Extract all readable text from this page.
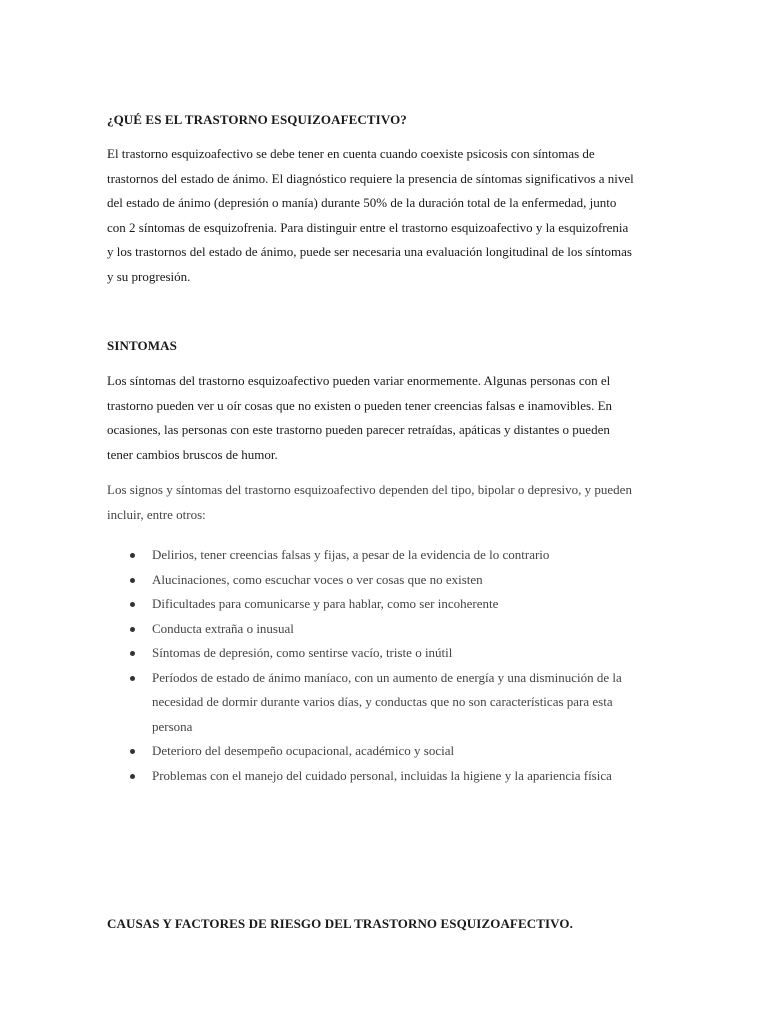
¿QUÉ ES EL TRASTORNO ESQUIZOAFECTIVO?

El trastorno esquizoafectivo se debe tener en cuenta cuando coexiste psicosis con síntomas de trastornos del estado de ánimo. El diagnóstico requiere la presencia de síntomas significativos a nivel del estado de ánimo (depresión o manía) durante 50% de la duración total de la enfermedad, junto con 2 síntomas de esquizofrenia. Para distinguir entre el trastorno esquizoafectivo y la esquizofrenia y los trastornos del estado de ánimo, puede ser necesaria una evaluación longitudinal de los síntomas y su progresión.

SINTOMAS

Los síntomas del trastorno esquizoafectivo pueden variar enormemente. Algunas personas con el trastorno pueden ver u oír cosas que no existen o pueden tener creencias falsas e inamovibles. En ocasiones, las personas con este trastorno pueden parecer retraídas, apáticas y distantes o pueden tener cambios bruscos de humor.

Los signos y síntomas del trastorno esquizoafectivo dependen del tipo, bipolar o depresivo, y pueden incluir, entre otros:

Delirios, tener creencias falsas y fijas, a pesar de la evidencia de lo contrario
Alucinaciones, como escuchar voces o ver cosas que no existen
Dificultades para comunicarse y para hablar, como ser incoherente
Conducta extraña o inusual
Síntomas de depresión, como sentirse vacío, triste o inútil
Períodos de estado de ánimo maníaco, con un aumento de energía y una disminución de la necesidad de dormir durante varios días, y conductas que no son características para esta persona
Deterioro del desempeño ocupacional, académico y social
Problemas con el manejo del cuidado personal, incluidas la higiene y la apariencia física
CAUSAS Y FACTORES DE RIESGO DEL TRASTORNO ESQUIZOAFECTIVO.
